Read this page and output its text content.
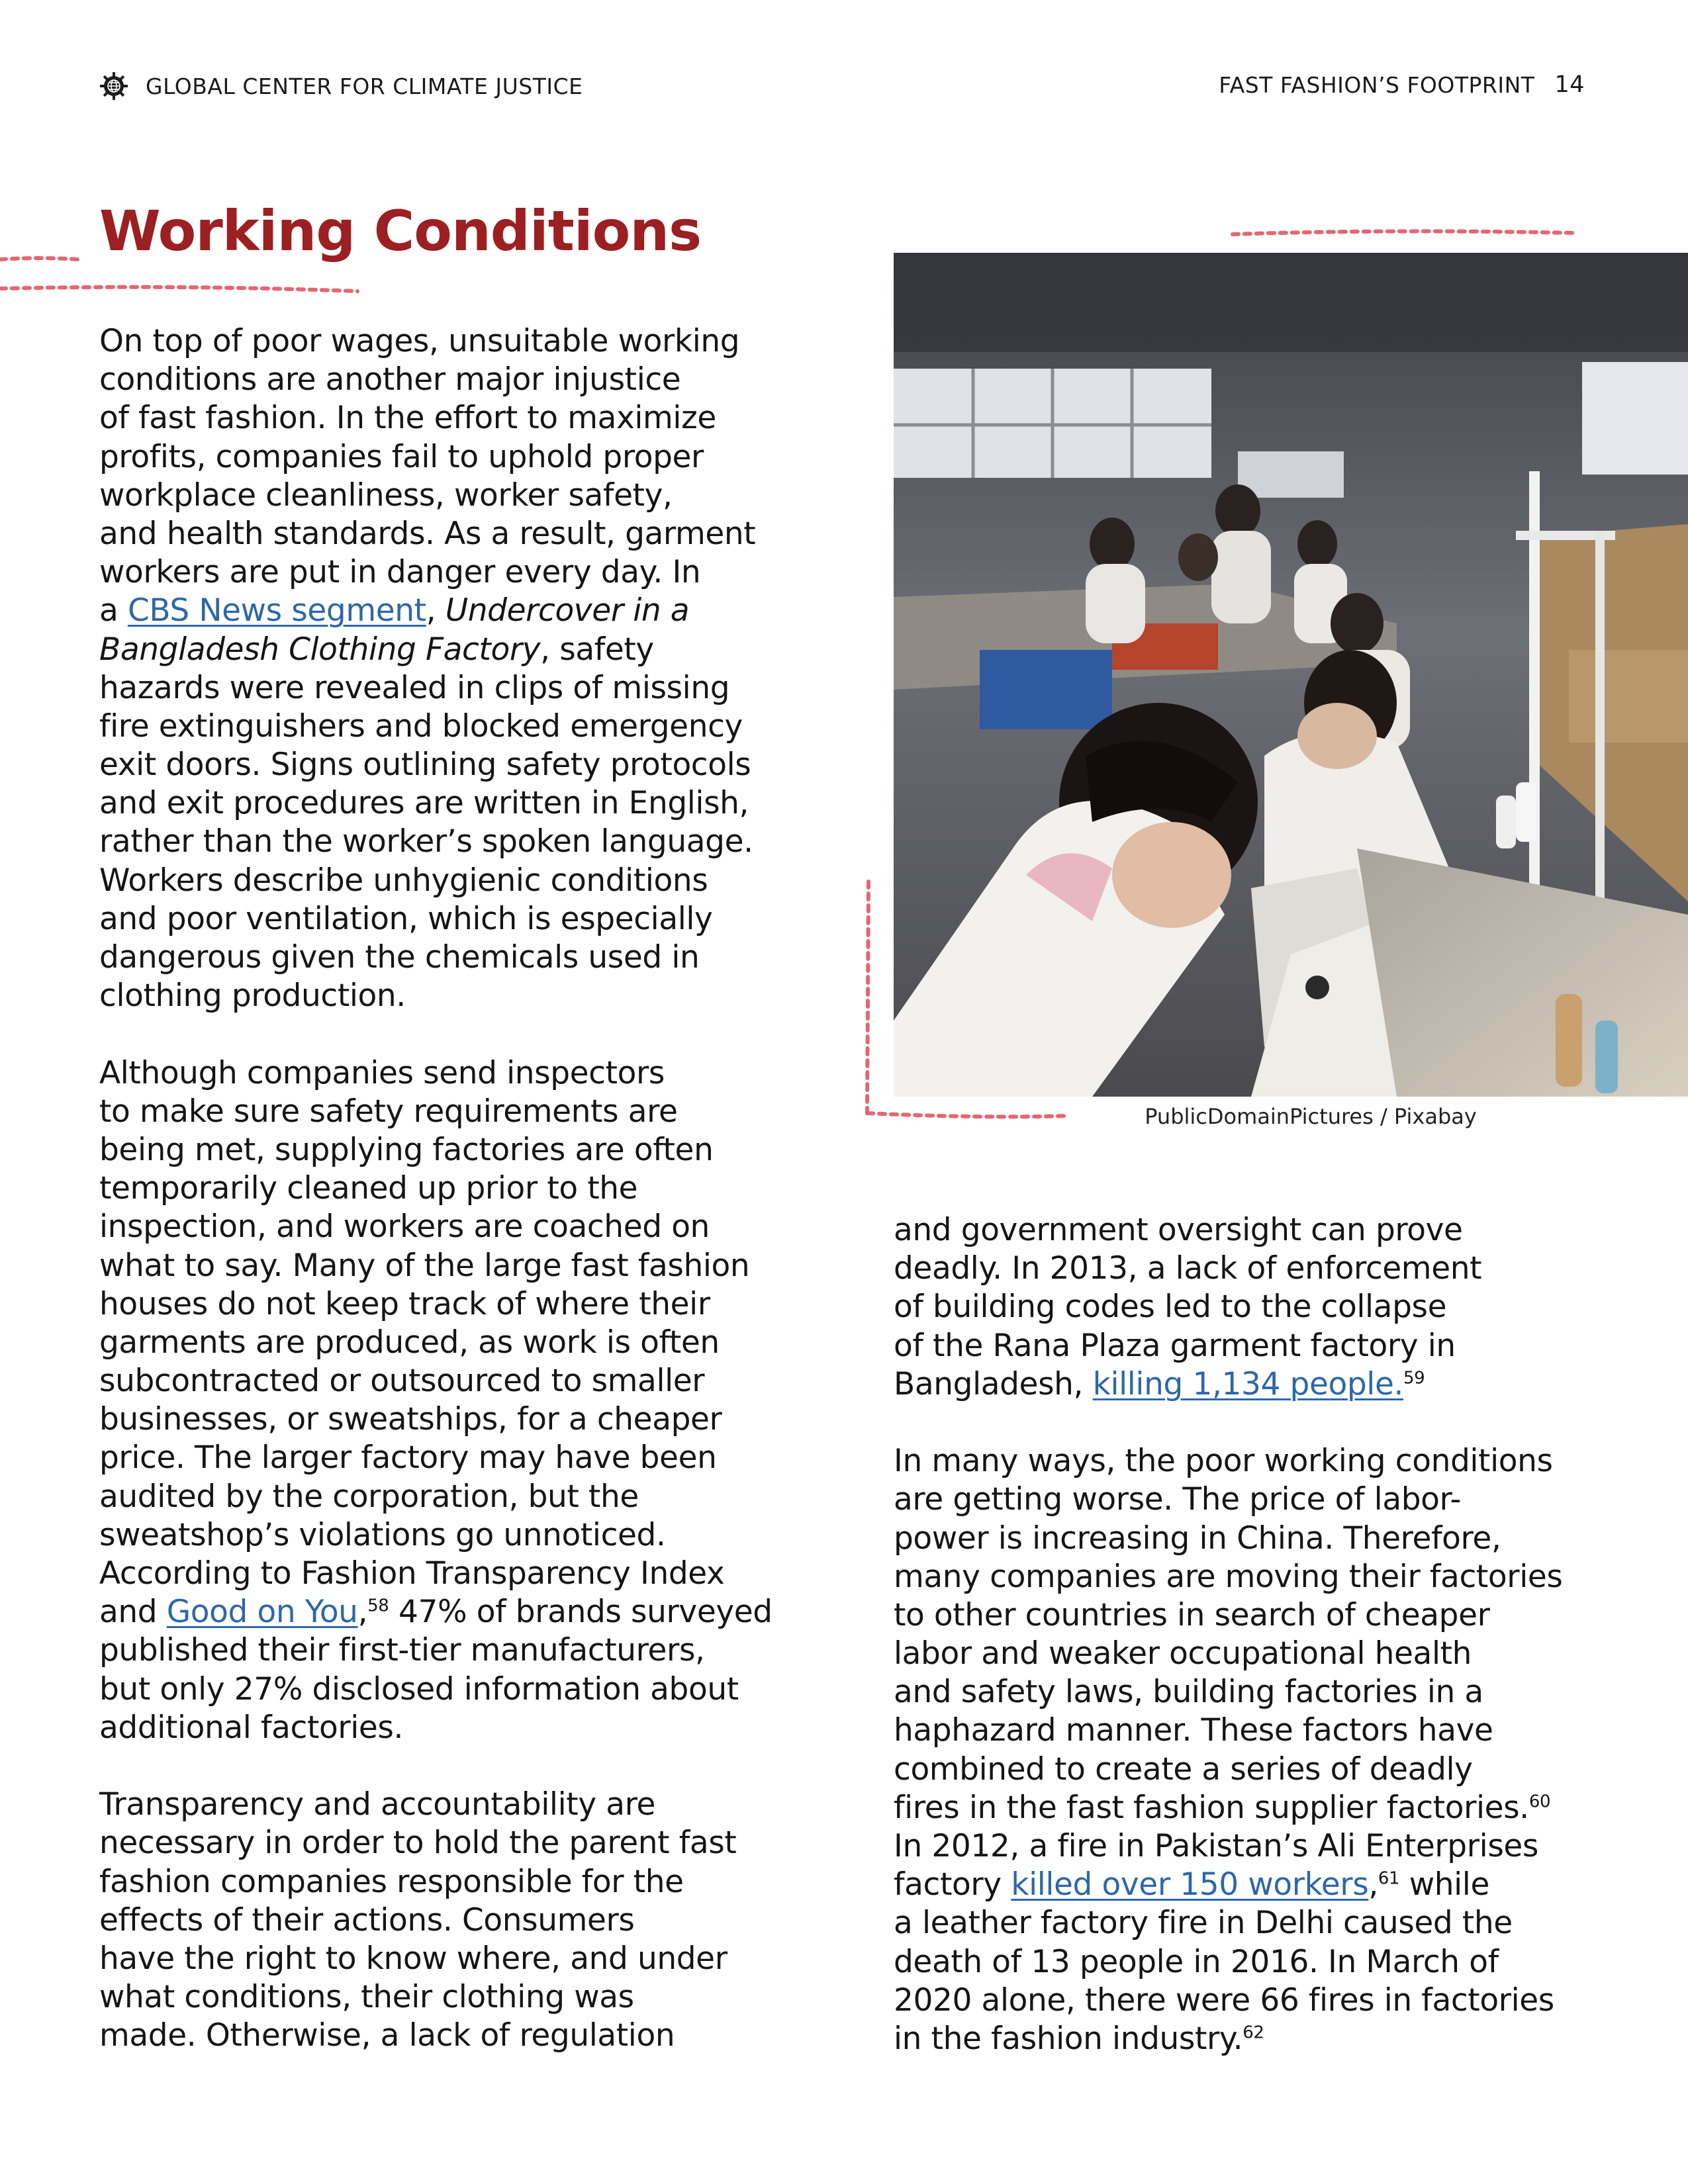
GLOBAL CENTER FOR CLIMATE JUSTICE	FAST FASHION’S FOOTPRINT 14
Working Conditions
On top of poor wages, unsuitable working
conditions are another major injustice
of fast fashion. In the effort to maximize
profits, companies fail to uphold proper
workplace cleanliness, worker safety,
and health standards. As a result, garment
workers are put in danger every day. In
a CBS News segment, Undercover in a
Bangladesh Clothing Factory, safety
hazards were revealed in clips of missing
fire extinguishers and blocked emergency
exit doors. Signs outlining safety protocols
and exit procedures are written in English,
rather than the worker’s spoken language.
Workers describe unhygienic conditions
and poor ventilation, which is especially
dangerous given the chemicals used in
clothing production.
Although companies send inspectors
to make sure safety requirements are
being met, supplying factories are often
temporarily cleaned up prior to the
inspection, and workers are coached on
what to say. Many of the large fast fashion
houses do not keep track of where their
garments are produced, as work is often
subcontracted or outsourced to smaller
businesses, or sweatships, for a cheaper
price. The larger factory may have been
audited by the corporation, but the
sweatshop’s violations go unnoticed.
According to Fashion Transparency Index
and Good on You,$^{58}$ 47% of brands surveyed
published their first-tier manufacturers,
but only 27% disclosed information about
additional factories.
Transparency and accountability are
necessary in order to hold the parent fast
fashion companies responsible for the
effects of their actions. Consumers
have the right to know where, and under
what conditions, their clothing was
made. Otherwise, a lack of regulation
PublicDomainPictures / Pixabay
and government oversight can prove
deadly. In 2013, a lack of enforcement
of building codes led to the collapse
of the Rana Plaza garment factory in
Bangladesh, killing 1,134 people.$^{59}$
In many ways, the poor working conditions
are getting worse. The price of labor-
power is increasing in China. Therefore,
many companies are moving their factories
to other countries in search of cheaper
labor and weaker occupational health
and safety laws, building factories in a
haphazard manner. These factors have
combined to create a series of deadly
fires in the fast fashion supplier factories.$^{60}$
In 2012, a fire in Pakistan’s Ali Enterprises
factory killed over 150 workers,$^{61}$ while
a leather factory fire in Delhi caused the
death of 13 people in 2016. In March of
2020 alone, there were 66 fires in factories
in the fashion industry.$^{62}$
